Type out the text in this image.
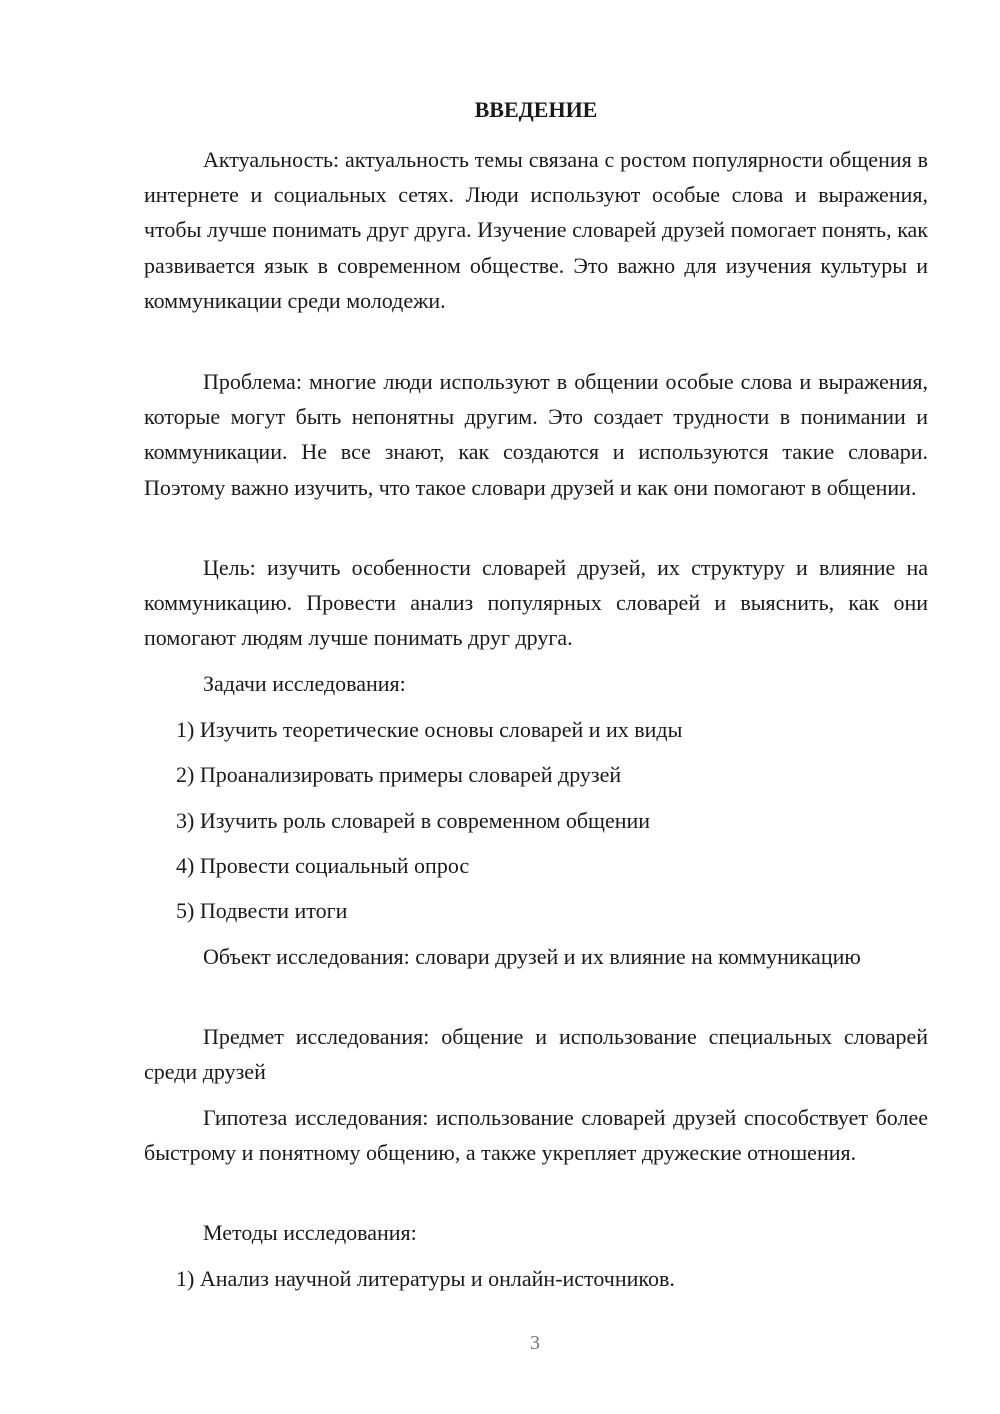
ВВЕДЕНИЕ

Актуальность: актуальность темы связана с ростом популярности общения в интернете и социальных сетях. Люди используют особые слова и выражения, чтобы лучше понимать друг друга. Изучение словарей друзей помогает понять, как развивается язык в современном обществе. Это важно для изучения культуры и коммуникации среди молодежи.

Проблема: многие люди используют в общении особые слова и выражения, которые могут быть непонятны другим. Это создает трудности в понимании и коммуникации. Не все знают, как создаются и используются такие словари. Поэтому важно изучить, что такое словари друзей и как они помогают в общении.

Цель: изучить особенности словарей друзей, их структуру и влияние на коммуникацию. Провести анализ популярных словарей и выяснить, как они помогают людям лучше понимать друг друга.

Задачи исследования:

1) Изучить теоретические основы словарей и их виды

2) Проанализировать примеры словарей друзей

3) Изучить роль словарей в современном общении

4) Провести социальный опрос

5) Подвести итоги

Объект исследования: словари друзей и их влияние на коммуникацию

Предмет исследования: общение и использование специальных словарей среди друзей

Гипотеза исследования: использование словарей друзей способствует более быстрому и понятному общению, а также укрепляет дружеские отношения.

Методы исследования:

1) Анализ научной литературы и онлайн-источников.

3
